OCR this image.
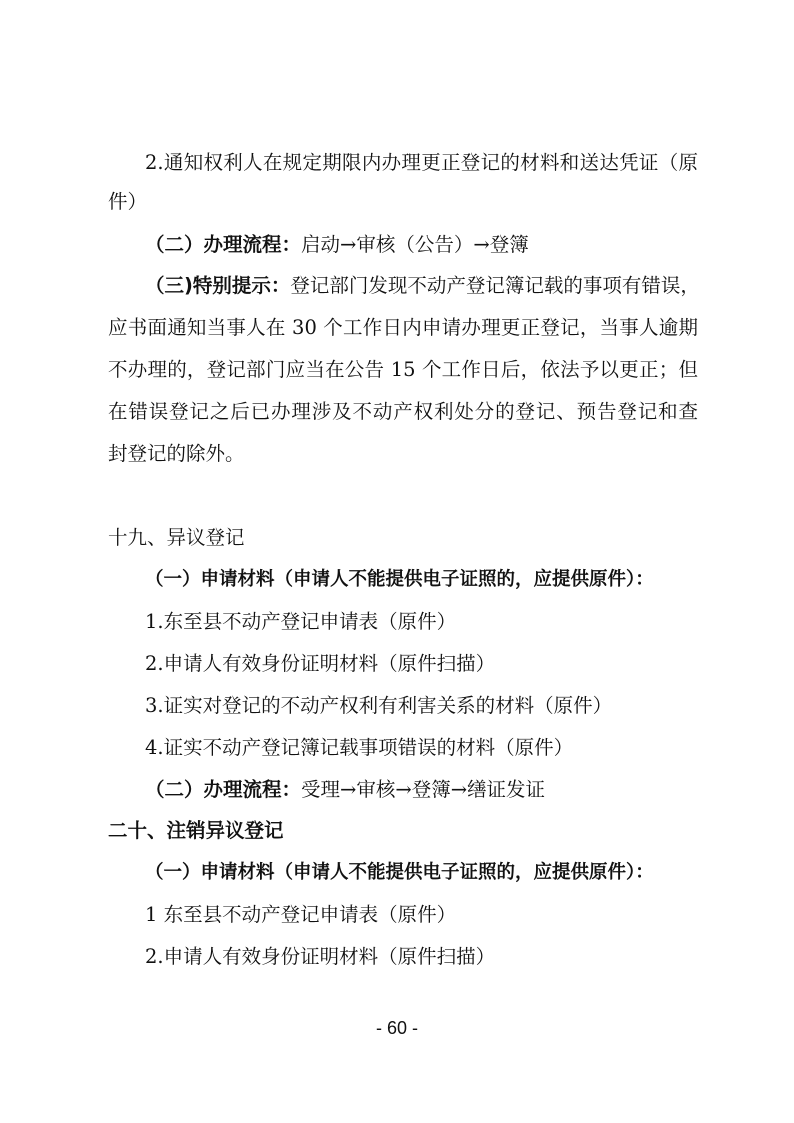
2.通知权利人在规定期限内办理更正登记的材料和送达凭证（原
件）
（二）办理流程：启动→审核（公告）→登簿
（三)特别提示：登记部门发现不动产登记簿记载的事项有错误，
应书面通知当事人在 30 个工作日内申请办理更正登记，当事人逾期
不办理的，登记部门应当在公告 15 个工作日后，依法予以更正；但
在错误登记之后已办理涉及不动产权利处分的登记、预告登记和查
封登记的除外。
十九、异议登记
（一）申请材料（申请人不能提供电子证照的，应提供原件）：
1.东至县不动产登记申请表（原件）
2.申请人有效身份证明材料（原件扫描）
3.证实对登记的不动产权利有利害关系的材料（原件）
4.证实不动产登记簿记载事项错误的材料（原件）
（二）办理流程：受理→审核→登簿→缮证发证
二十、注销异议登记
（一）申请材料（申请人不能提供电子证照的，应提供原件）：
1 东至县不动产登记申请表（原件）
2.申请人有效身份证明材料（原件扫描）
- 60 -
